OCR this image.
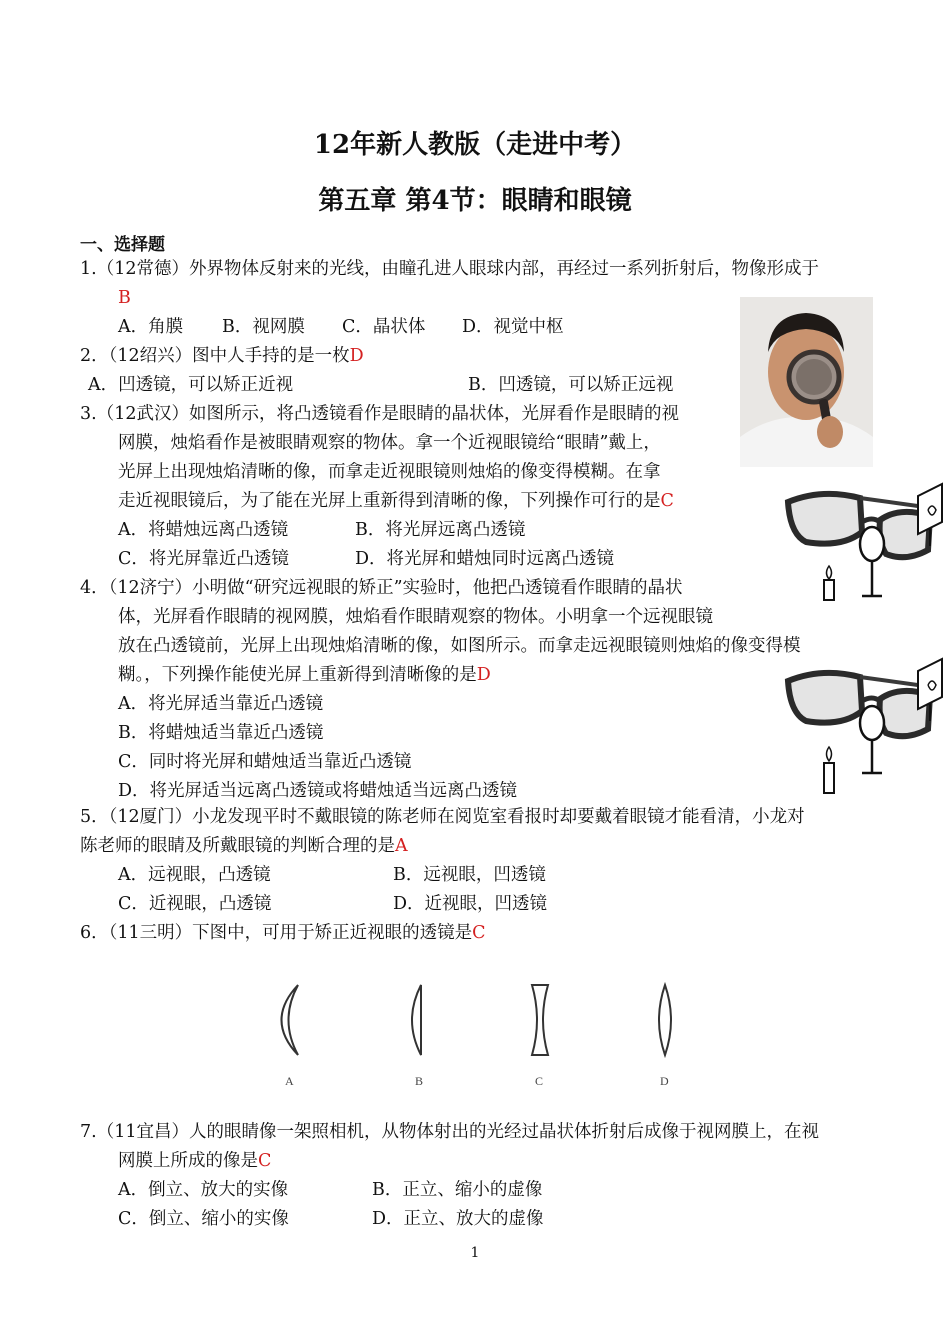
12年新人教版（走进中考）
第五章 第4节：眼睛和眼镜
一、选择题
1.（12常德）外界物体反射来的光线，由瞳孔进人眼球内部，再经过一系列折射后，物像形成于
B
A．角膜 B．视网膜 C．晶状体 D．视觉中枢
2．（12绍兴）图中人手持的是一枚D
A．凹透镜，可以矫正近视	B．凹透镜，可以矫正远视
3.（12武汉）如图所示，将凸透镜看作是眼睛的晶状体，光屏看作是眼睛的视
网膜，烛焰看作是被眼睛观察的物体。拿一个近视眼镜给“眼睛”戴上，
光屏上出现烛焰清晰的像，而拿走近视眼镜则烛焰的像变得模糊。在拿
走近视眼镜后，为了能在光屏上重新得到清晰的像，下列操作可行的是C
A．将蜡烛远离凸透镜	B．将光屏远离凸透镜
C．将光屏靠近凸透镜	D．将光屏和蜡烛同时远离凸透镜
4．（12济宁）小明做“研究远视眼的矫正”实验时，他把凸透镜看作眼睛的晶状
体，光屏看作眼睛的视网膜，烛焰看作眼睛观察的物体。小明拿一个远视眼镜
放在凸透镜前，光屏上出现烛焰清晰的像，如图所示。而拿走远视眼镜则烛焰的像变得模
糊。，下列操作能使光屏上重新得到清晰像的是D
A．将光屏适当靠近凸透镜
B．将蜡烛适当靠近凸透镜
C．同时将光屏和蜡烛适当靠近凸透镜
D．将光屏适当远离凸透镜或将蜡烛适当远离凸透镜
5．（12厦门）小龙发现平时不戴眼镜的陈老师在阅览室看报时却要戴着眼镜才能看清，小龙对
陈老师的眼睛及所戴眼镜的判断合理的是A
A．远视眼，凸透镜	B．远视眼，凹透镜
C．近视眼，凸透镜	D．近视眼，凹透镜
6．（11三明）下图中，可用于矫正近视眼的透镜是C
A	B	C	D
7.（11宜昌）人的眼睛像一架照相机，从物体射出的光经过晶状体折射后成像于视网膜上，在视
网膜上所成的像是C
A．倒立、放大的实像	B．正立、缩小的虚像
C．倒立、缩小的实像	D．正立、放大的虚像
1
